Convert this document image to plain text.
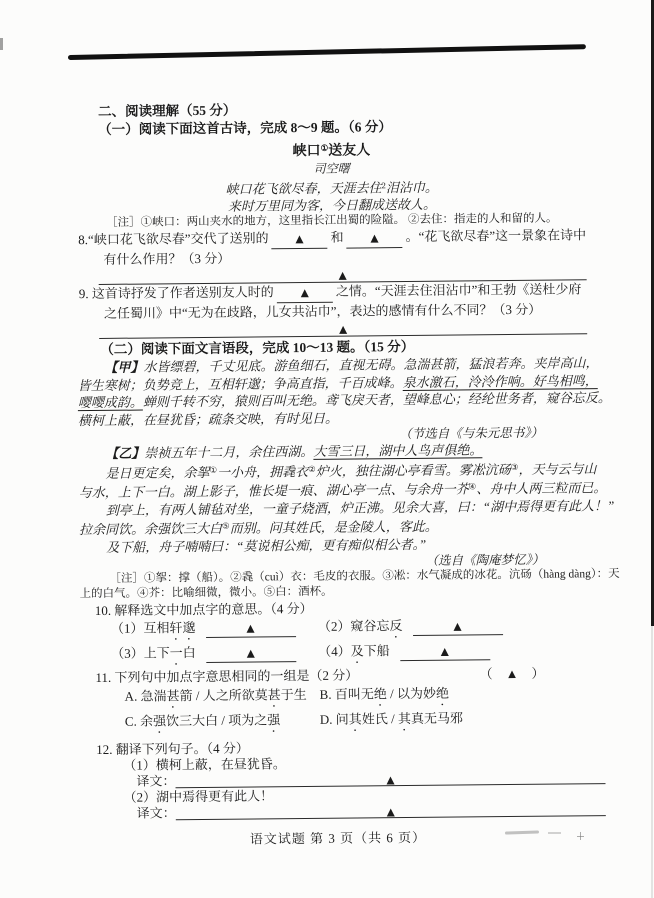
二、阅读理解（55 分）
（一）阅读下面这首古诗，完成 8～9 题。（6 分）
峡口①送友人
司空曙
峡口花飞欲尽春，天涯去住$^2$泪沾巾。
来时万里同为客，今日翻成送故人。
［注］①峡口：两山夹水的地方，这里指长江出蜀的险隘。 ②去住：指走的人和留的人。
8.“峡口花飞欲尽春”交代了送别的	▲ 和	▲ 。“花飞欲尽春”这一景象在诗中
有什么作用？（3 分）
▲
9. 这首诗抒发了作者送别友人时的	▲ 之情。“天涯去住泪沾巾”和王勃《送杜少府
之任蜀川》中“无为在歧路，儿女共沾巾”，表达的感情有什么不同？（3 分）
▲
（二）阅读下面文言语段，完成 10～13 题。（15 分）
【甲】水皆缥碧，千丈见底。游鱼细石，直视无碍。急湍甚箭，猛浪若奔。夹岸高山，
皆生寒树；负势竞上，互相轩邈；争高直指，千百成峰。泉水激石，泠泠作响。好鸟相鸣，
嘤嘤成韵。蝉则千转不穷，猿则百叫无绝。鸢飞戾天者，望峰息心；经纶世务者，窥谷忘反。
横柯上蔽，在昼犹昏；疏条交映，有时见日。
（节选自《与朱元思书》）
【乙】崇祯五年十二月，余住西湖。大雪三日，湖中人鸟声俱绝。
是日更定矣，余挐①一小舟，拥毳衣②炉火，独往湖心亭看雪。雾凇沆砀③，天与云与山
与水，上下一白。湖上影子，惟长堤一痕、湖心亭一点、与余舟一芥④、舟中人两三粒而已。
到亭上，有两人铺毡对坐，一童子烧酒，炉正沸。见余大喜，曰：“湖中焉得更有此人！”
拉余同饮。余强饮三大白⑤而别。问其姓氏，是金陵人，客此。
及下船，舟子喃喃曰：“莫说相公痴，更有痴似相公者。”
（选自《陶庵梦忆》）
［注］①挐：撑（船）。②毳（cuì）衣：毛皮的衣服。③凇：水气凝成的冰花。沆砀（hàng dàng）：天
上的白气。④芥：比喻细微，微小。⑤白：酒杯。
10. 解释选文中加点字的意思。（4 分）
（1）互相轩邈	▲	（2）窥谷忘反	▲
（3）上下一白	▲	（4）及下船	▲
11. 下列句中加点字意思相同的一组是（2 分）	（　▲　）
A. 急湍甚箭 / 人之所欲莫甚于生 B. 百叫无绝 / 以为妙绝
C. 余强饮三大白 / 项为之强	D. 问其姓氏 / 其真无马邪
12. 翻译下列句子。（4 分）
（1）横柯上蔽，在昼犹昏。
译文：	▲
（2）湖中焉得更有此人！
译文：	▲
语文试题 第 3 页（共 6 页）
